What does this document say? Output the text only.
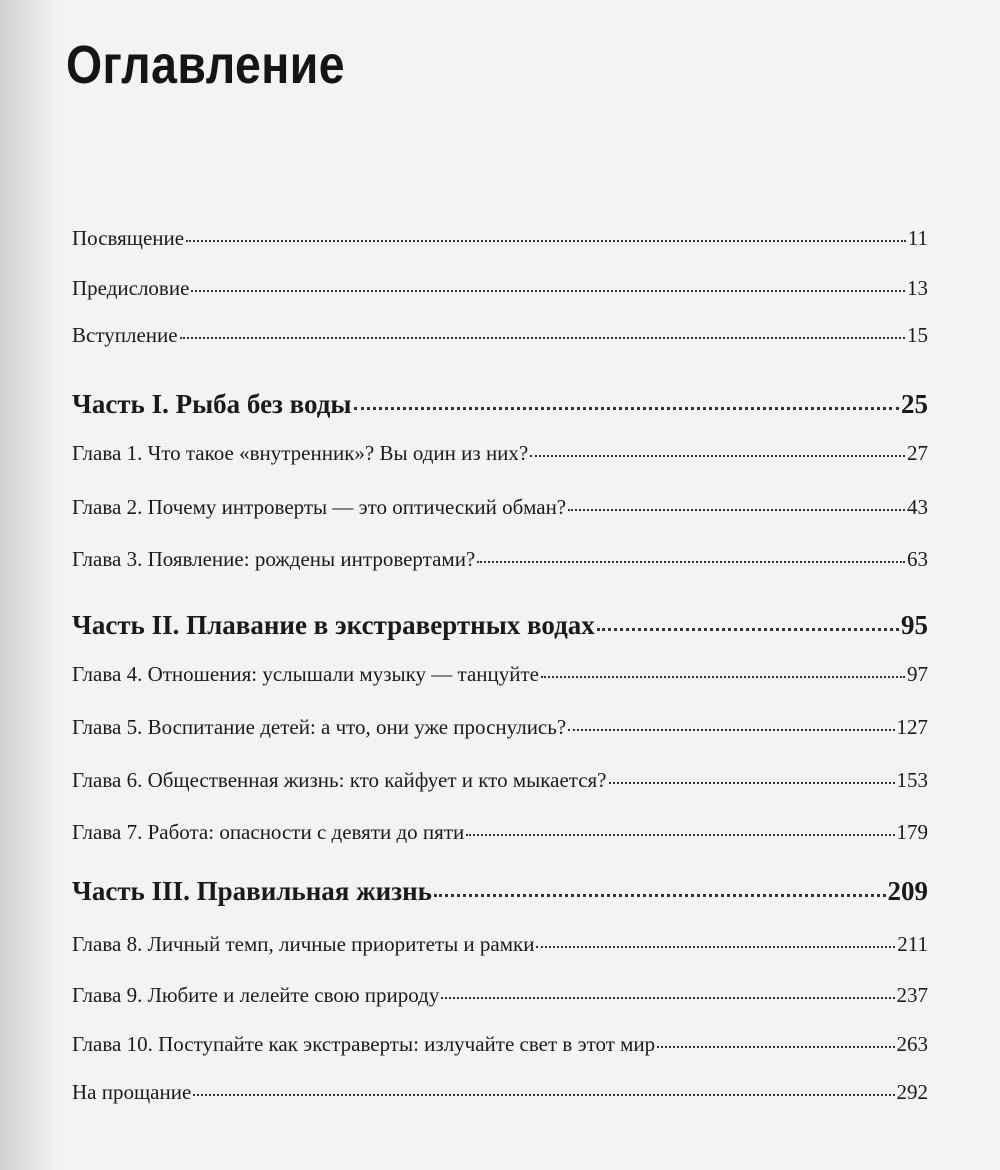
Оглавление
Посвящение	11
Предисловие	13
Вступление	15
Часть I. Рыба без воды	25
Глава 1. Что такое «внутренник»? Вы один из них?	27
Глава 2. Почему интроверты — это оптический обман?	43
Глава 3. Появление: рождены интровертами?	63
Часть II. Плавание в экстравертных водах	95
Глава 4. Отношения: услышали музыку — танцуйте	97
Глава 5. Воспитание детей: а что, они уже проснулись?	127
Глава 6. Общественная жизнь: кто кайфует и кто мыкается?	153
Глава 7. Работа: опасности с девяти до пяти	179
Часть III. Правильная жизнь	209
Глава 8. Личный темп, личные приоритеты и рамки	211
Глава 9. Любите и лелейте свою природу	237
Глава 10. Поступайте как экстраверты: излучайте свет в этот мир	263
На прощание	292
